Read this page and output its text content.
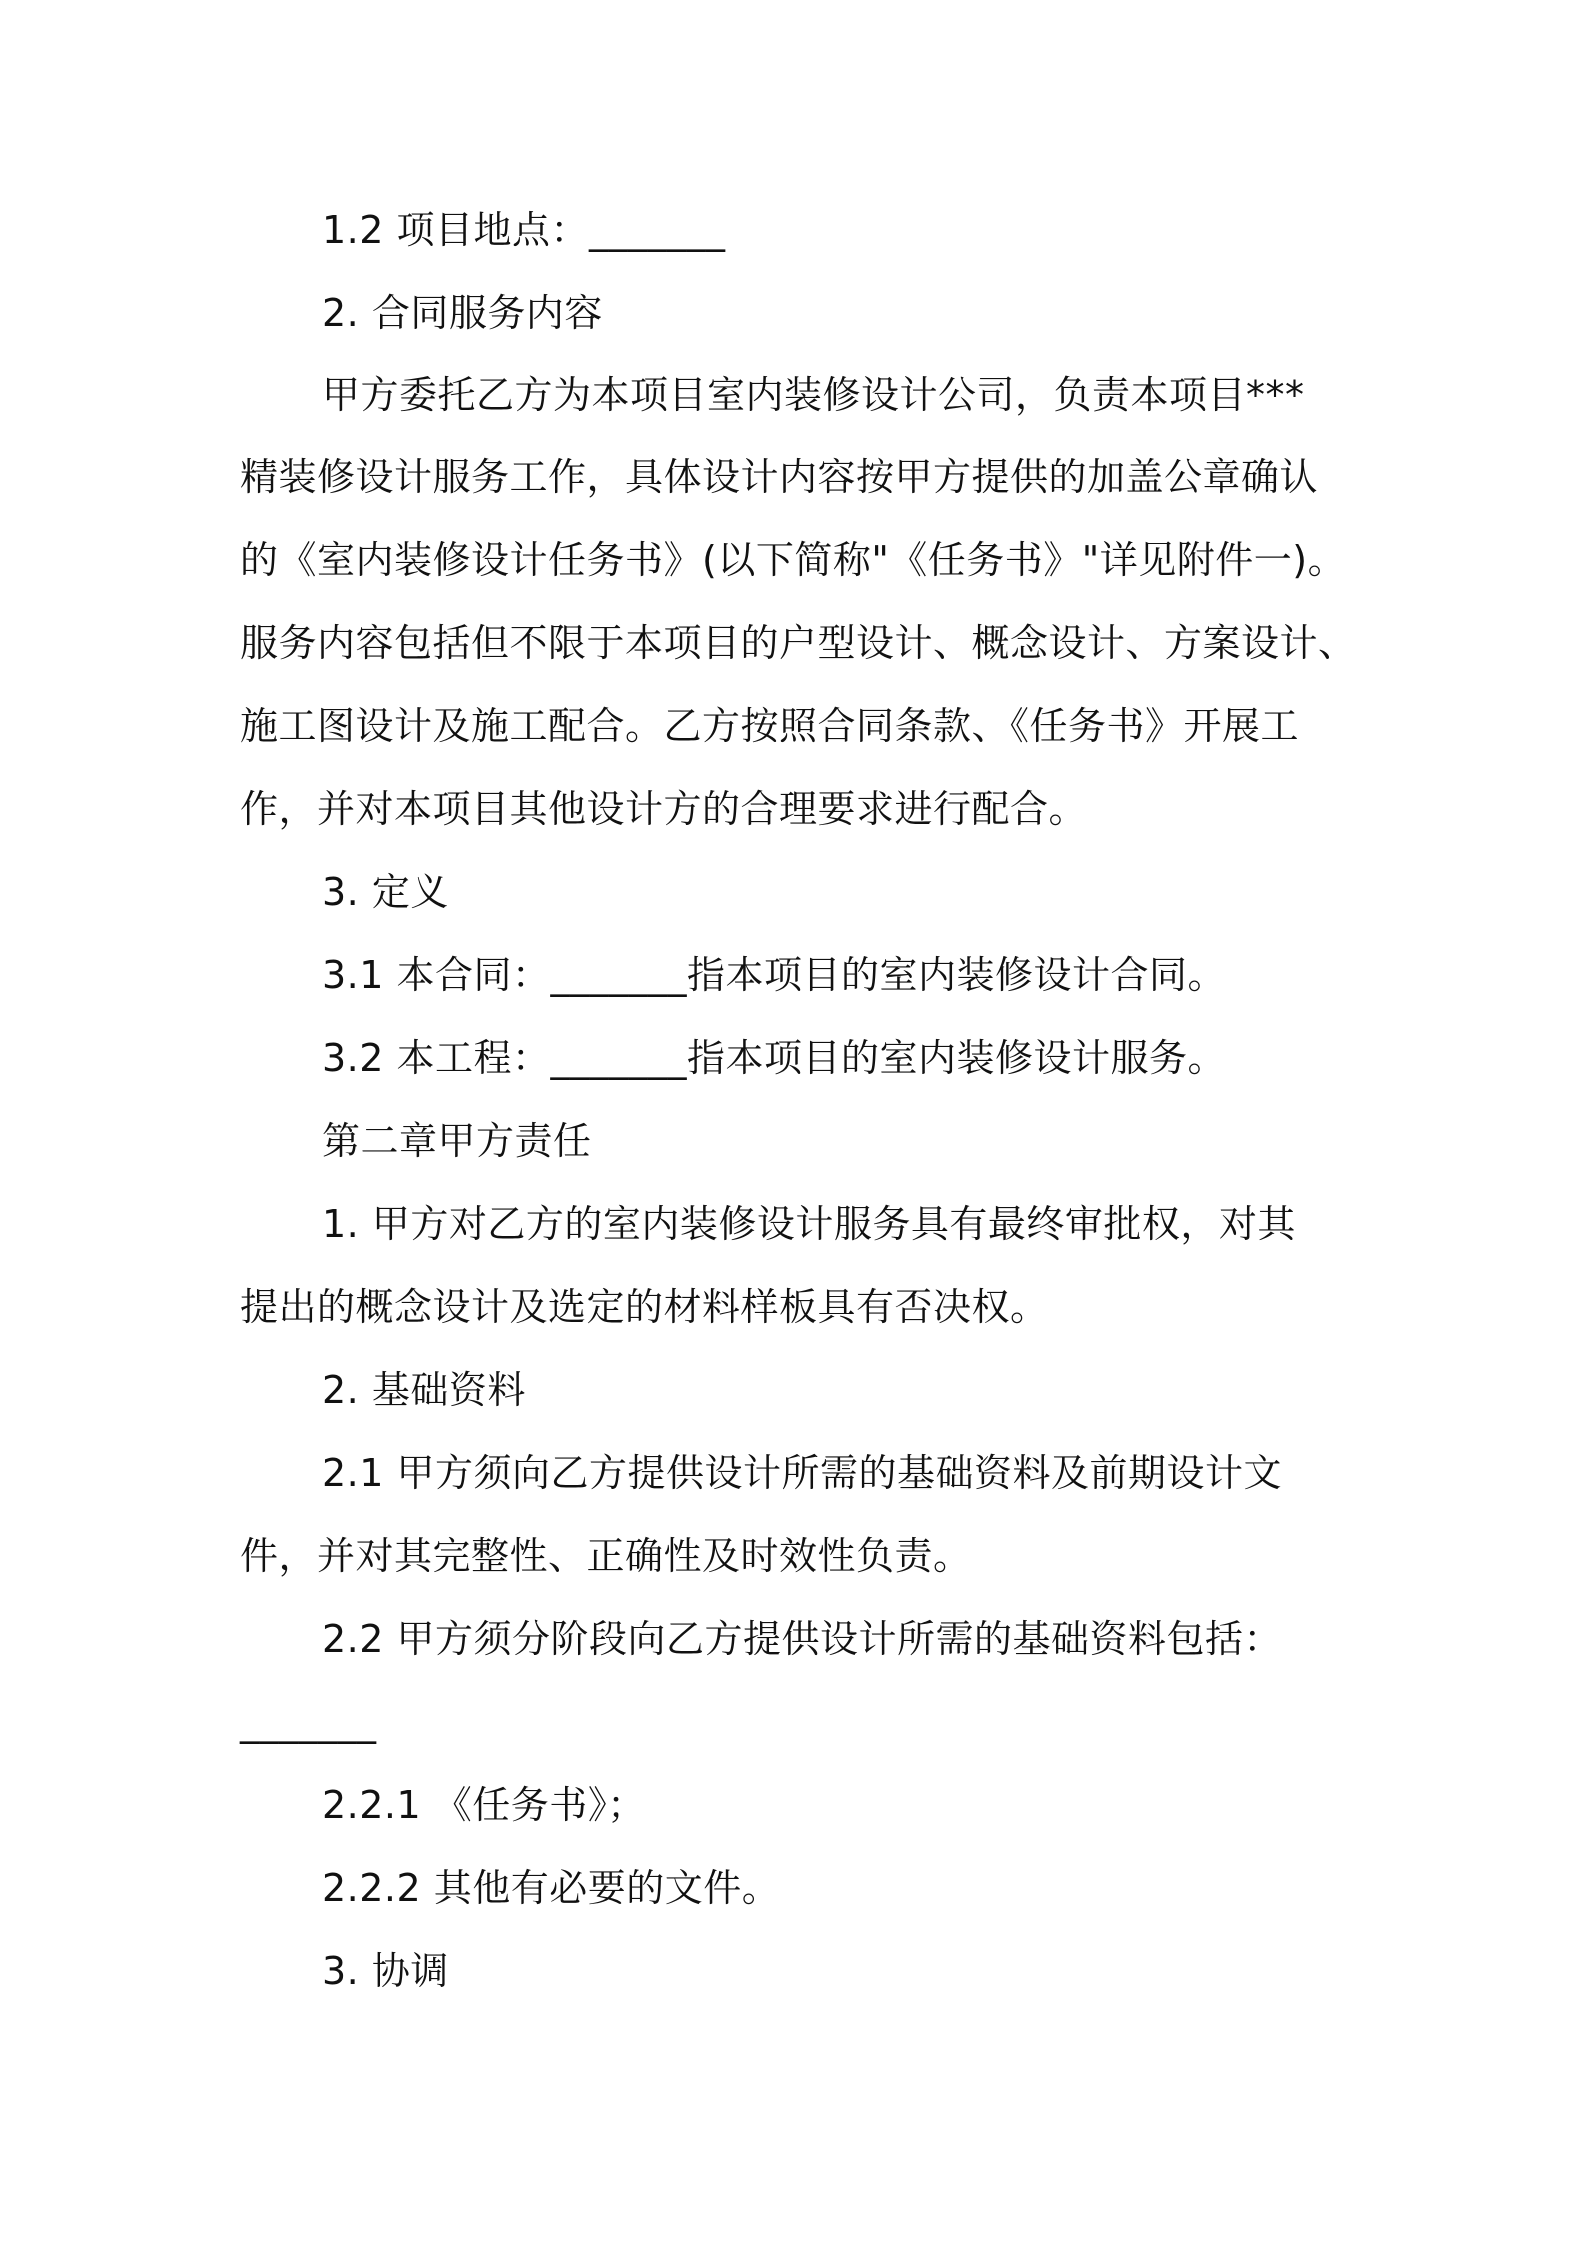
1.2 项目地点：_______
2. 合同服务内容
甲方委托乙方为本项目室内装修设计公司，负责本项目***
精装修设计服务工作，具体设计内容按甲方提供的加盖公章确认
的《室内装修设计任务书》(以下简称"《任务书》"详见附件一)。
服务内容包括但不限于本项目的户型设计、概念设计、方案设计、
施工图设计及施工配合。乙方按照合同条款、《任务书》开展工
作，并对本项目其他设计方的合理要求进行配合。
3. 定义
3.1 本合同：_______指本项目的室内装修设计合同。
3.2 本工程：_______指本项目的室内装修设计服务。
第二章甲方责任
1. 甲方对乙方的室内装修设计服务具有最终审批权，对其
提出的概念设计及选定的材料样板具有否决权。
2. 基础资料
2.1 甲方须向乙方提供设计所需的基础资料及前期设计文
件，并对其完整性、正确性及时效性负责。
2.2 甲方须分阶段向乙方提供设计所需的基础资料包括：
_______
2.2.1 《任务书》；
2.2.2 其他有必要的文件。
3. 协调
